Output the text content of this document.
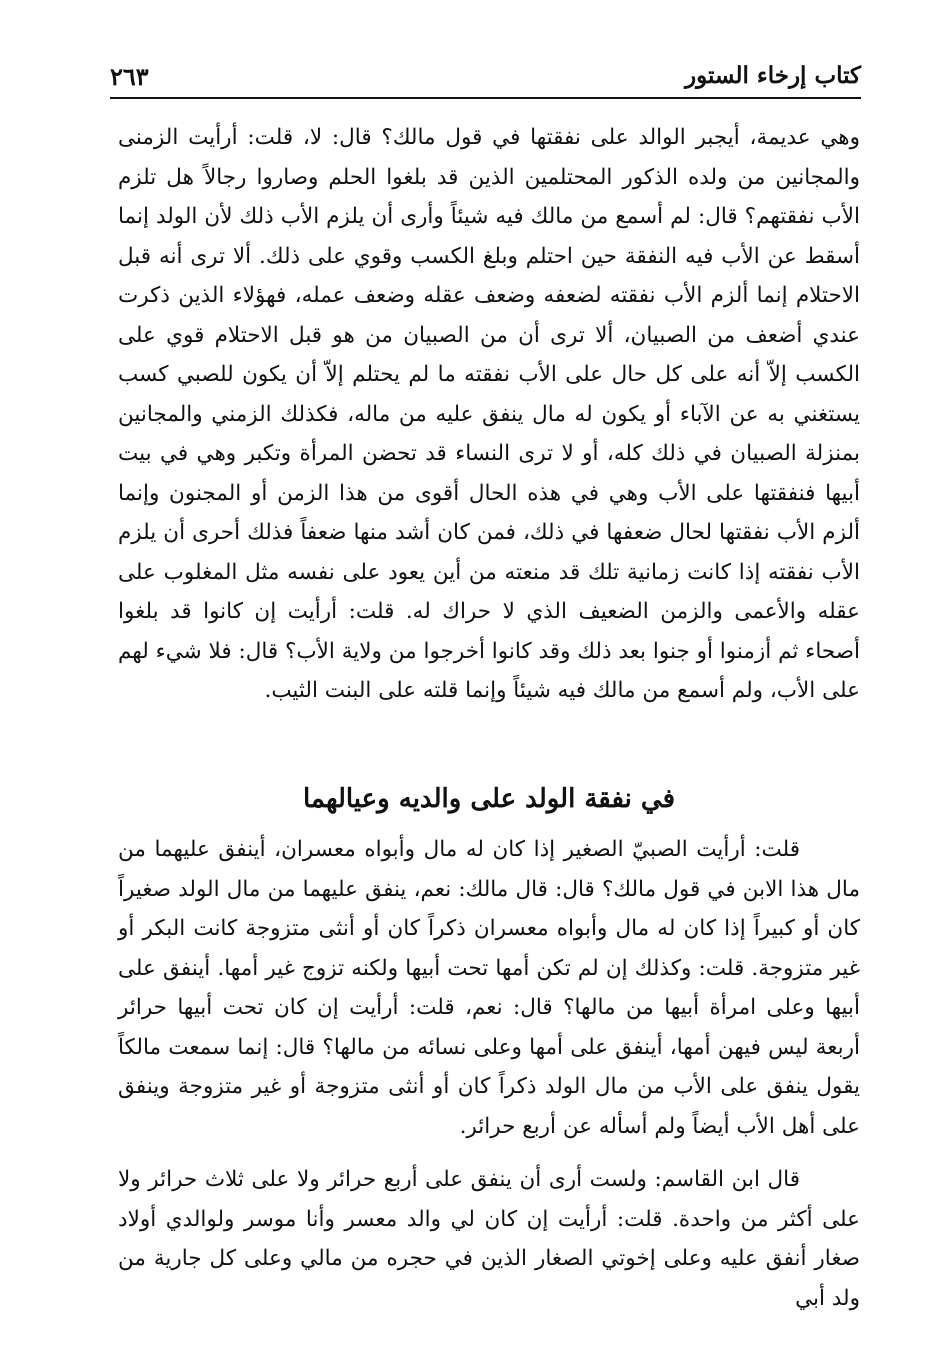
كتاب إرخاء الستور
٢٦٣

وهي عديمة، أيجبر الوالد على نفقتها في قول مالك؟ قال: لا، قلت: أرأيت الزمنى والمجانين من ولده الذكور المحتلمين الذين قد بلغوا الحلم وصاروا رجالاً هل تلزم الأب نفقتهم؟ قال: لم أسمع من مالك فيه شيئاً وأرى أن يلزم الأب ذلك لأن الولد إنما أسقط عن الأب فيه النفقة حين احتلم وبلغ الكسب وقوي على ذلك. ألا ترى أنه قبل الاحتلام إنما ألزم الأب نفقته لضعفه وضعف عقله وضعف عمله، فهؤلاء الذين ذكرت عندي أضعف من الصبيان، ألا ترى أن من الصبيان من هو قبل الاحتلام قوي على الكسب إلاّ أنه على كل حال على الأب نفقته ما لم يحتلم إلاّ أن يكون للصبي كسب يستغني به عن الآباء أو يكون له مال ينفق عليه من ماله، فكذلك الزمني والمجانين بمنزلة الصبيان في ذلك كله، أو لا ترى النساء قد تحضن المرأة وتكبر وهي في بيت أبيها فنفقتها على الأب وهي في هذه الحال أقوى من هذا الزمن أو المجنون وإنما ألزم الأب نفقتها لحال ضعفها في ذلك، فمن كان أشد منها ضعفاً فذلك أحرى أن يلزم الأب نفقته إذا كانت زمانية تلك قد منعته من أين يعود على نفسه مثل المغلوب على عقله والأعمى والزمن الضعيف الذي لا حراك له. قلت: أرأيت إن كانوا قد بلغوا أصحاء ثم أزمنوا أو جنوا بعد ذلك وقد كانوا أخرجوا من ولاية الأب؟ قال: فلا شيء لهم على الأب، ولم أسمع من مالك فيه شيئاً وإنما قلته على البنت الثيب.

في نفقة الولد على والديه وعيالهما

قلت: أرأيت الصبيّ الصغير إذا كان له مال وأبواه معسران، أينفق عليهما من مال هذا الابن في قول مالك؟ قال: قال مالك: نعم، ينفق عليهما من مال الولد صغيراً كان أو كبيراً إذا كان له مال وأبواه معسران ذكراً كان أو أنثى متزوجة كانت البكر أو غير متزوجة. قلت: وكذلك إن لم تكن أمها تحت أبيها ولكنه تزوج غير أمها. أينفق على أبيها وعلى امرأة أبيها من مالها؟ قال: نعم، قلت: أرأيت إن كان تحت أبيها حرائر أربعة ليس فيهن أمها، أينفق على أمها وعلى نسائه من مالها؟ قال: إنما سمعت مالكاً يقول ينفق على الأب من مال الولد ذكراً كان أو أنثى متزوجة أو غير متزوجة وينفق على أهل الأب أيضاً ولم أسأله عن أربع حرائر.

قال ابن القاسم: ولست أرى أن ينفق على أربع حرائر ولا على ثلاث حرائر ولا على أكثر من واحدة. قلت: أرأيت إن كان لي والد معسر وأنا موسر ولوالدي أولاد صغار أنفق عليه وعلى إخوتي الصغار الذين في حجره من مالي وعلى كل جارية من ولد أبي
